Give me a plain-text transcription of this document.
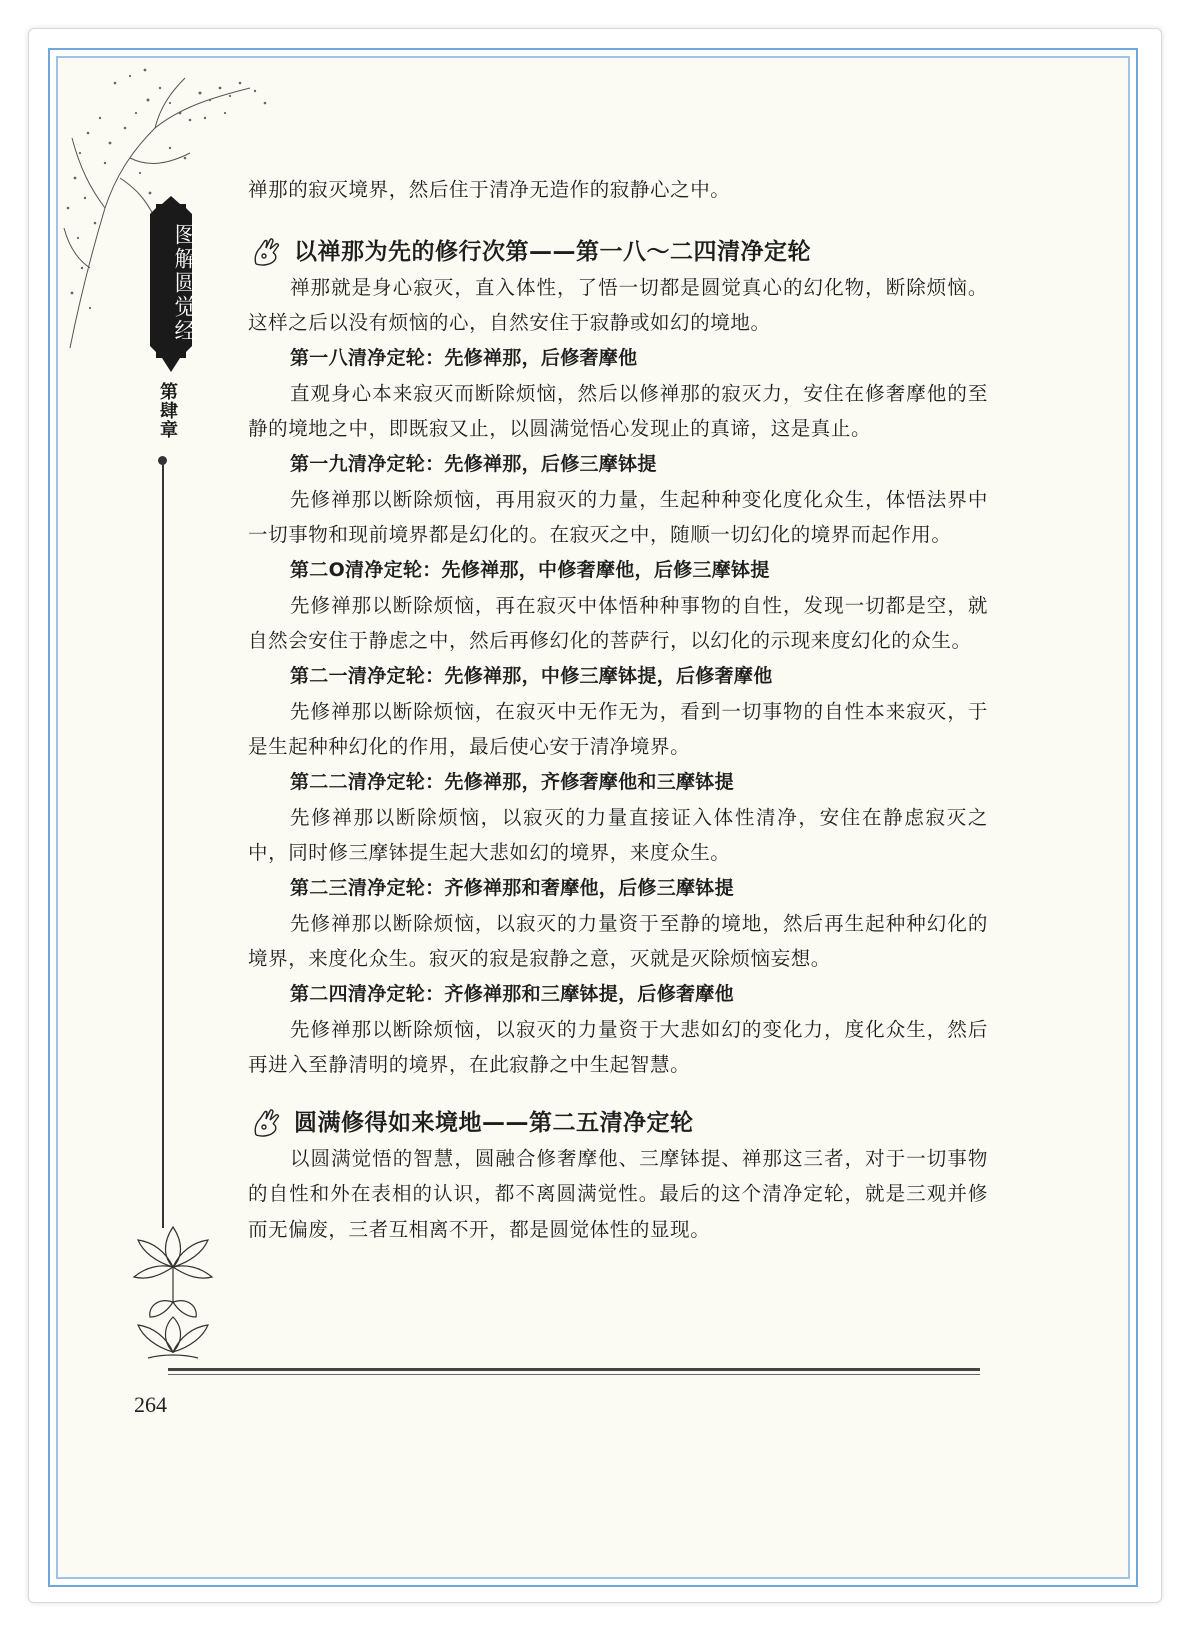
图解圆觉经
第肆章

禅那的寂灭境界，然后住于清净无造作的寂静心之中。

以禅那为先的修行次第——第一八～二四清净定轮

禅那就是身心寂灭，直入体性，了悟一切都是圆觉真心的幻化物，断除烦恼。这样之后以没有烦恼的心，自然安住于寂静或如幻的境地。

第一八清净定轮：先修禅那，后修奢摩他

直观身心本来寂灭而断除烦恼，然后以修禅那的寂灭力，安住在修奢摩他的至静的境地之中，即既寂又止，以圆满觉悟心发现止的真谛，这是真止。

第一九清净定轮：先修禅那，后修三摩钵提

先修禅那以断除烦恼，再用寂灭的力量，生起种种变化度化众生，体悟法界中一切事物和现前境界都是幻化的。在寂灭之中，随顺一切幻化的境界而起作用。

第二O清净定轮：先修禅那，中修奢摩他，后修三摩钵提

先修禅那以断除烦恼，再在寂灭中体悟种种事物的自性，发现一切都是空，就自然会安住于静虑之中，然后再修幻化的菩萨行，以幻化的示现来度幻化的众生。

第二一清净定轮：先修禅那，中修三摩钵提，后修奢摩他

先修禅那以断除烦恼，在寂灭中无作无为，看到一切事物的自性本来寂灭，于是生起种种幻化的作用，最后使心安于清净境界。

第二二清净定轮：先修禅那，齐修奢摩他和三摩钵提

先修禅那以断除烦恼，以寂灭的力量直接证入体性清净，安住在静虑寂灭之中，同时修三摩钵提生起大悲如幻的境界，来度众生。

第二三清净定轮：齐修禅那和奢摩他，后修三摩钵提

先修禅那以断除烦恼，以寂灭的力量资于至静的境地，然后再生起种种幻化的境界，来度化众生。寂灭的寂是寂静之意，灭就是灭除烦恼妄想。

第二四清净定轮：齐修禅那和三摩钵提，后修奢摩他

先修禅那以断除烦恼，以寂灭的力量资于大悲如幻的变化力，度化众生，然后再进入至静清明的境界，在此寂静之中生起智慧。

圆满修得如来境地——第二五清净定轮

以圆满觉悟的智慧，圆融合修奢摩他、三摩钵提、禅那这三者，对于一切事物的自性和外在表相的认识，都不离圆满觉性。最后的这个清净定轮，就是三观并修而无偏废，三者互相离不开，都是圆觉体性的显现。

264
